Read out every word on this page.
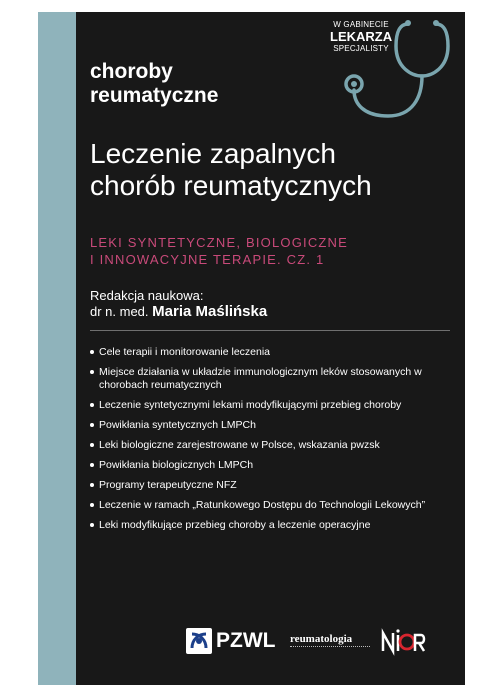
choroby
reumatyczne
W GABINECIE
LEKARZA
SPECJALISTY
Leczenie zapalnych
chorób reumatycznych
LEKI SYNTETYCZNE, BIOLOGICZNE
I INNOWACYJNE TERAPIE. CZ. 1
Redakcja naukowa:
dr n. med. Maria Maślińska
Cele terapii i monitorowanie leczenia
Miejsce działania w układzie immunologicznym leków stosowanych w chorobach reumatycznych
Leczenie syntetycznymi lekami modyfikującymi przebieg choroby
Powikłania syntetycznych LMPCh
Leki biologiczne zarejestrowane w Polsce, wskazania pwzsk
Powikłania biologicznych LMPCh
Programy terapeutyczne NFZ
Leczenie w ramach „Ratunkowego Dostępu do Technologii Lekowych”
Leki modyfikujące przebieg choroby a leczenie operacyjne
PZWL reumatologia
